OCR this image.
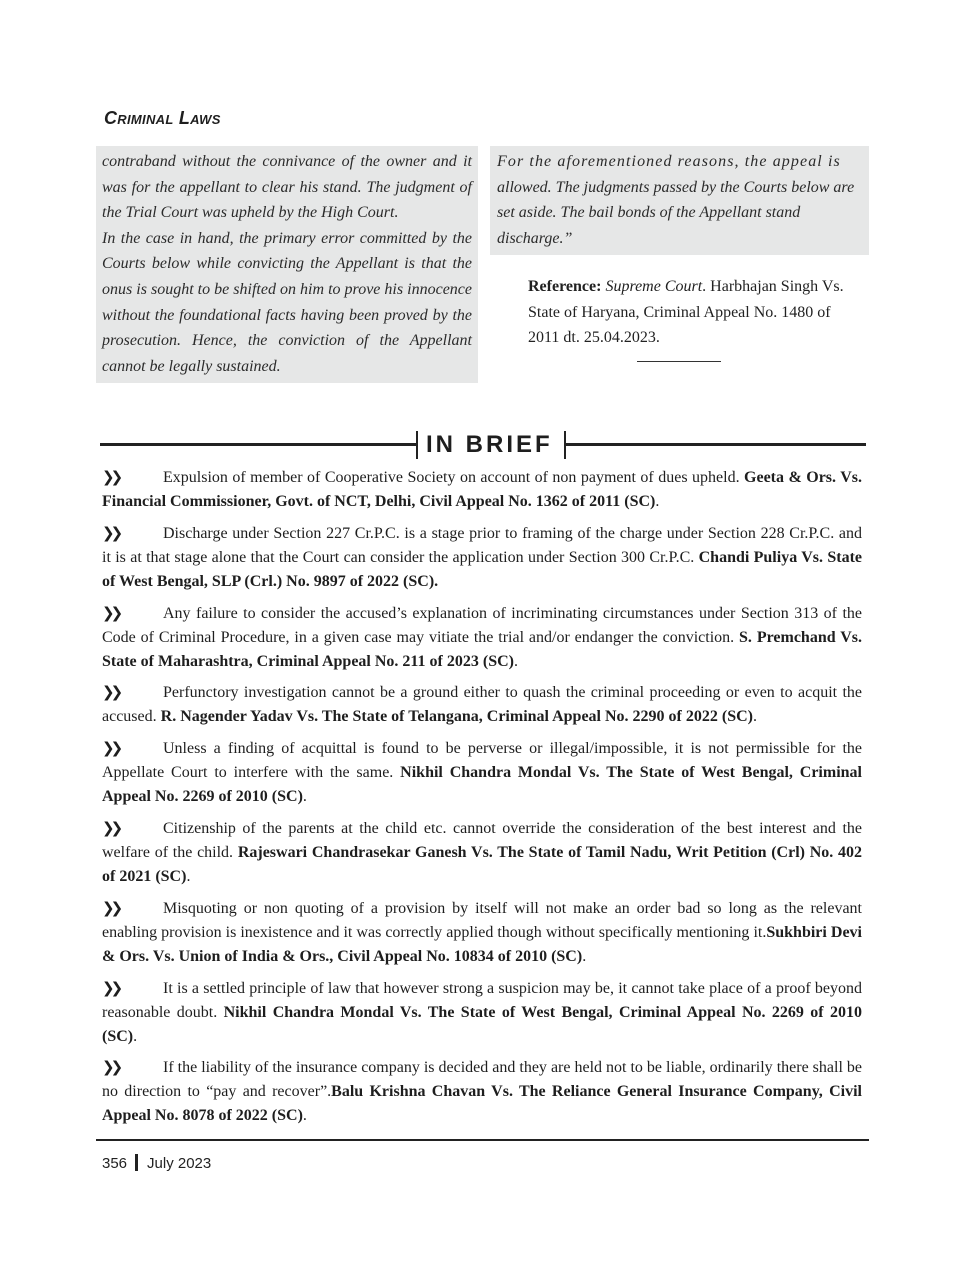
Criminal Laws

contraband without the connivance of the owner and it was for the appellant to clear his stand. The judgment of the Trial Court was upheld by the High Court.

In the case in hand, the primary error committed by the Courts below while convicting the Appellant is that the onus is sought to be shifted on him to prove his innocence without the foundational facts having been proved by the prosecution. Hence, the conviction of the Appellant cannot be legally sustained.

For the aforementioned reasons, the appeal is

allowed. The judgments passed by the Courts below are set aside. The bail bonds of the Appellant stand discharge.”

Reference: Supreme Court. Harbhajan Singh Vs. State of Haryana, Criminal Appeal No. 1480 of 2011 dt. 25.04.2023.
IN BRIEF

❯❯	Expulsion of member of Cooperative Society on account of non payment of dues upheld. Geeta & Ors. Vs. Financial Commissioner, Govt. of NCT, Delhi, Civil Appeal No. 1362 of 2011 (SC).

❯❯	Discharge under Section 227 Cr.P.C. is a stage prior to framing of the charge under Section 228 Cr.P.C. and it is at that stage alone that the Court can consider the application under Section 300 Cr.P.C. Chandi Puliya Vs. State of West Bengal, SLP (Crl.) No. 9897 of 2022 (SC).

❯❯	Any failure to consider the accused’s explanation of incriminating circumstances under Section 313 of the Code of Criminal Procedure, in a given case may vitiate the trial and/or endanger the conviction. S. Premchand Vs. State of Maharashtra, Criminal Appeal No. 211 of 2023 (SC).

❯❯	Perfunctory investigation cannot be a ground either to quash the criminal proceeding or even to acquit the accused. R. Nagender Yadav Vs. The State of Telangana, Criminal Appeal No. 2290 of 2022 (SC).

❯❯	Unless a finding of acquittal is found to be perverse or illegal/impossible, it is not permissible for the Appellate Court to interfere with the same. Nikhil Chandra Mondal Vs. The State of West Bengal, Criminal Appeal No. 2269 of 2010 (SC).

❯❯	Citizenship of the parents at the child etc. cannot override the consideration of the best interest and the welfare of the child. Rajeswari Chandrasekar Ganesh Vs. The State of Tamil Nadu, Writ Petition (Crl) No. 402 of 2021 (SC).

❯❯	Misquoting or non quoting of a provision by itself will not make an order bad so long as the relevant enabling provision is inexistence and it was correctly applied though without specifically mentioning it.Sukhbiri Devi & Ors. Vs. Union of India & Ors., Civil Appeal No. 10834 of 2010 (SC).

❯❯	It is a settled principle of law that however strong a suspicion may be, it cannot take place of a proof beyond reasonable doubt. Nikhil Chandra Mondal Vs. The State of West Bengal, Criminal Appeal No. 2269 of 2010 (SC).

❯❯	If the liability of the insurance company is decided and they are held not to be liable, ordinarily there shall be no direction to “pay and recover”.Balu Krishna Chavan Vs. The Reliance General Insurance Company, Civil Appeal No. 8078 of 2022 (SC).

356 July 2023
